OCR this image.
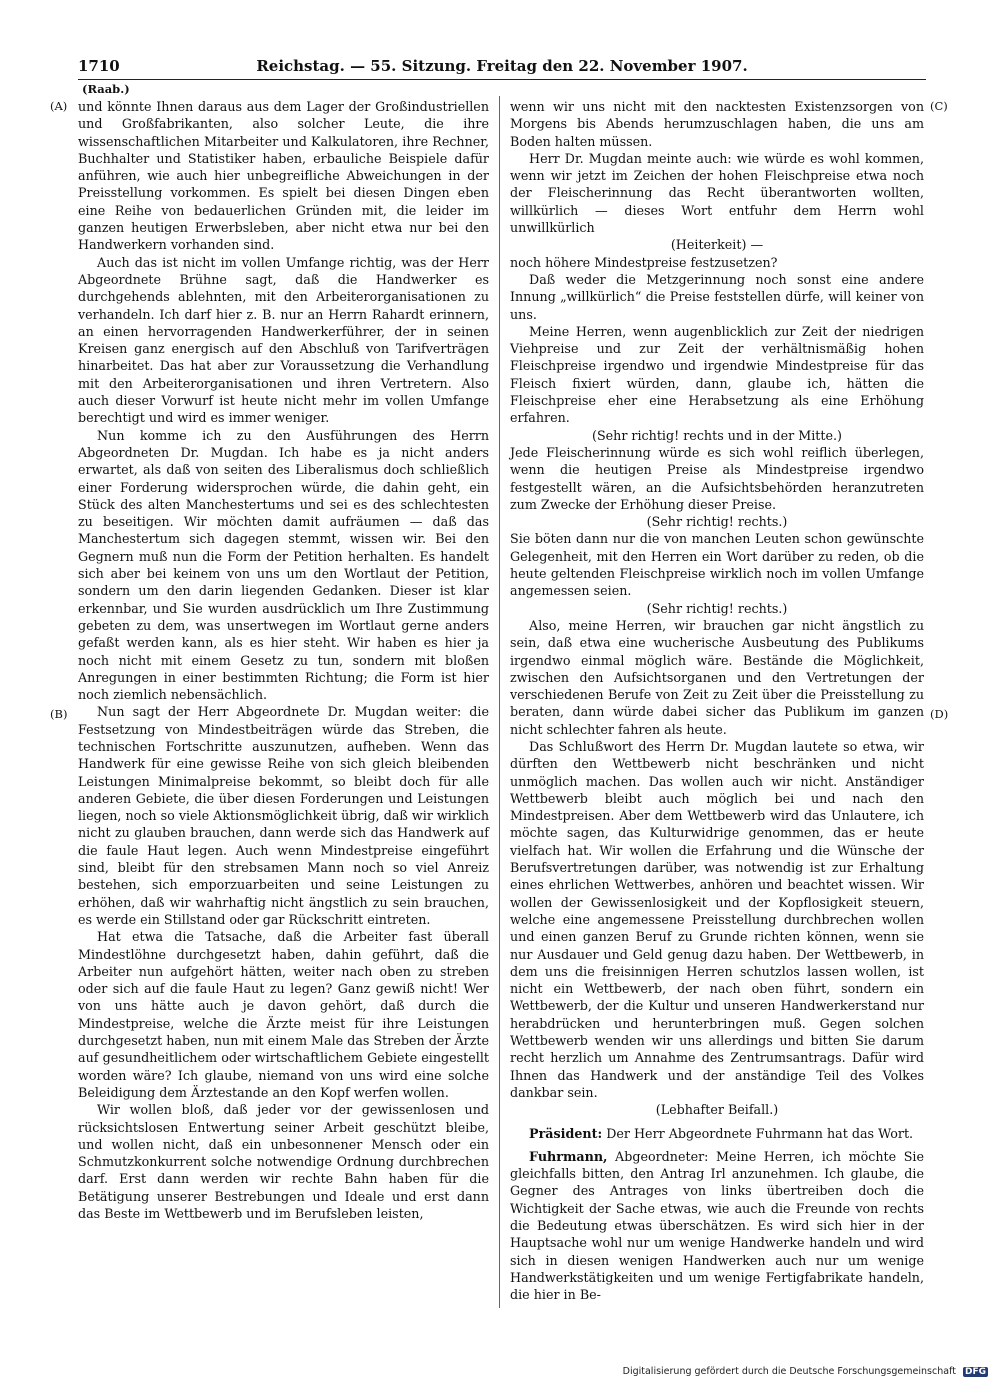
1710	Reichstag. — 55. Sitzung. Freitag den 22. November 1907.
(Raab.)
(A)
(B)
(C)
(D)

und könnte Ihnen daraus aus dem Lager der Großindustriellen und Großfabrikanten, also solcher Leute, die ihre wissenschaftlichen Mitarbeiter und Kalkulatoren, ihre Rechner, Buchhalter und Statistiker haben, erbauliche Beispiele dafür anführen, wie auch hier unbegreifliche Abweichungen in der Preisstellung vorkommen. Es spielt bei diesen Dingen eben eine Reihe von bedauerlichen Gründen mit, die leider im ganzen heutigen Erwerbsleben, aber nicht etwa nur bei den Handwerkern vorhanden sind.

Auch das ist nicht im vollen Umfange richtig, was der Herr Abgeordnete Brühne sagt, daß die Handwerker es durchgehends ablehnten, mit den Arbeiterorganisationen zu verhandeln. Ich darf hier z. B. nur an Herrn Rahardt erinnern, an einen hervorragenden Handwerkerführer, der in seinen Kreisen ganz energisch auf den Abschluß von Tarifverträgen hinarbeitet. Das hat aber zur Voraussetzung die Verhandlung mit den Arbeiterorganisationen und ihren Vertretern. Also auch dieser Vorwurf ist heute nicht mehr im vollen Umfange berechtigt und wird es immer weniger.

Nun komme ich zu den Ausführungen des Herrn Abgeordneten Dr. Mugdan. Ich habe es ja nicht anders erwartet, als daß von seiten des Liberalismus doch schließlich einer Forderung widersprochen würde, die dahin geht, ein Stück des alten Manchestertums und sei es des schlechtesten zu beseitigen. Wir möchten damit aufräumen — daß das Manchestertum sich dagegen stemmt, wissen wir. Bei den Gegnern muß nun die Form der Petition herhalten. Es handelt sich aber bei keinem von uns um den Wortlaut der Petition, sondern um den darin liegenden Gedanken. Dieser ist klar erkennbar, und Sie wurden ausdrücklich um Ihre Zustimmung gebeten zu dem, was unsertwegen im Wortlaut gerne anders gefaßt werden kann, als es hier steht. Wir haben es hier ja noch nicht mit einem Gesetz zu tun, sondern mit bloßen Anregungen in einer bestimmten Richtung; die Form ist hier noch ziemlich nebensächlich.

Nun sagt der Herr Abgeordnete Dr. Mugdan weiter: die Festsetzung von Mindestbeiträgen würde das Streben, die technischen Fortschritte auszunutzen, aufheben. Wenn das Handwerk für eine gewisse Reihe von sich gleich bleibenden Leistungen Minimalpreise bekommt, so bleibt doch für alle anderen Gebiete, die über diesen Forderungen und Leistungen liegen, noch so viele Aktionsmöglichkeit übrig, daß wir wirklich nicht zu glauben brauchen, dann werde sich das Handwerk auf die faule Haut legen. Auch wenn Mindestpreise eingeführt sind, bleibt für den strebsamen Mann noch so viel Anreiz bestehen, sich emporzuarbeiten und seine Leistungen zu erhöhen, daß wir wahrhaftig nicht ängstlich zu sein brauchen, es werde ein Stillstand oder gar Rückschritt eintreten.

Hat etwa die Tatsache, daß die Arbeiter fast überall Mindestlöhne durchgesetzt haben, dahin geführt, daß die Arbeiter nun aufgehört hätten, weiter nach oben zu streben oder sich auf die faule Haut zu legen? Ganz gewiß nicht! Wer von uns hätte auch je davon gehört, daß durch die Mindestpreise, welche die Ärzte meist für ihre Leistungen durchgesetzt haben, nun mit einem Male das Streben der Ärzte auf gesundheitlichem oder wirtschaftlichem Gebiete eingestellt worden wäre? Ich glaube, niemand von uns wird eine solche Beleidigung dem Ärztestande an den Kopf werfen wollen.

Wir wollen bloß, daß jeder vor der gewissenlosen und rücksichtslosen Entwertung seiner Arbeit geschützt bleibe, und wollen nicht, daß ein unbesonnener Mensch oder ein Schmutzkonkurrent solche notwendige Ordnung durchbrechen darf. Erst dann werden wir rechte Bahn haben für die Betätigung unserer Bestrebungen und Ideale und erst dann das Beste im Wettbewerb und im Berufsleben leisten,

wenn wir uns nicht mit den nacktesten Existenzsorgen von Morgens bis Abends herumzuschlagen haben, die uns am Boden halten müssen.

Herr Dr. Mugdan meinte auch: wie würde es wohl kommen, wenn wir jetzt im Zeichen der hohen Fleischpreise etwa noch der Fleischerinnung das Recht überantworten wollten, willkürlich — dieses Wort entfuhr dem Herrn wohl unwillkürlich

(Heiterkeit) —

noch höhere Mindestpreise festzusetzen?

Daß weder die Metzgerinnung noch sonst eine andere Innung „willkürlich“ die Preise feststellen dürfe, will keiner von uns.

Meine Herren, wenn augenblicklich zur Zeit der niedrigen Viehpreise und zur Zeit der verhältnismäßig hohen Fleischpreise irgendwo und irgendwie Mindestpreise für das Fleisch fixiert würden, dann, glaube ich, hätten die Fleischpreise eher eine Herabsetzung als eine Erhöhung erfahren.

(Sehr richtig! rechts und in der Mitte.)

Jede Fleischerinnung würde es sich wohl reiflich überlegen, wenn die heutigen Preise als Mindestpreise irgendwo festgestellt wären, an die Aufsichtsbehörden heranzutreten zum Zwecke der Erhöhung dieser Preise.

(Sehr richtig! rechts.)

Sie böten dann nur die von manchen Leuten schon gewünschte Gelegenheit, mit den Herren ein Wort darüber zu reden, ob die heute geltenden Fleischpreise wirklich noch im vollen Umfange angemessen seien.

(Sehr richtig! rechts.)

Also, meine Herren, wir brauchen gar nicht ängstlich zu sein, daß etwa eine wucherische Ausbeutung des Publikums irgendwo einmal möglich wäre. Bestände die Möglichkeit, zwischen den Aufsichtsorganen und den Vertretungen der verschiedenen Berufe von Zeit zu Zeit über die Preisstellung zu beraten, dann würde dabei sicher das Publikum im ganzen nicht schlechter fahren als heute.

Das Schlußwort des Herrn Dr. Mugdan lautete so etwa, wir dürften den Wettbewerb nicht beschränken und nicht unmöglich machen. Das wollen auch wir nicht. Anständiger Wettbewerb bleibt auch möglich bei und nach den Mindestpreisen. Aber dem Wettbewerb wird das Unlautere, ich möchte sagen, das Kulturwidrige genommen, das er heute vielfach hat. Wir wollen die Erfahrung und die Wünsche der Berufsvertretungen darüber, was notwendig ist zur Erhaltung eines ehrlichen Wettwerbes, anhören und beachtet wissen. Wir wollen der Gewissenlosigkeit und der Kopflosigkeit steuern, welche eine angemessene Preisstellung durchbrechen wollen und einen ganzen Beruf zu Grunde richten können, wenn sie nur Ausdauer und Geld genug dazu haben. Der Wettbewerb, in dem uns die freisinnigen Herren schutzlos lassen wollen, ist nicht ein Wettbewerb, der nach oben führt, sondern ein Wettbewerb, der die Kultur und unseren Handwerkerstand nur herabdrücken und herunterbringen muß. Gegen solchen Wettbewerb wenden wir uns allerdings und bitten Sie darum recht herzlich um Annahme des Zentrumsantrags. Dafür wird Ihnen das Handwerk und der anständige Teil des Volkes dankbar sein.

(Lebhafter Beifall.)

Präsident: Der Herr Abgeordnete Fuhrmann hat das Wort.

Fuhrmann, Abgeordneter: Meine Herren, ich möchte Sie gleichfalls bitten, den Antrag Irl anzunehmen. Ich glaube, die Gegner des Antrages von links übertreiben doch die Wichtigkeit der Sache etwas, wie auch die Freunde von rechts die Bedeutung etwas überschätzen. Es wird sich hier in der Hauptsache wohl nur um wenige Handwerke handeln und wird sich in diesen wenigen Handwerken auch nur um wenige Handwerkstätigkeiten und um wenige Fertigfabrikate handeln, die hier in Be-

Digitalisierung gefördert durch die Deutsche Forschungsgemeinschaft DFG
